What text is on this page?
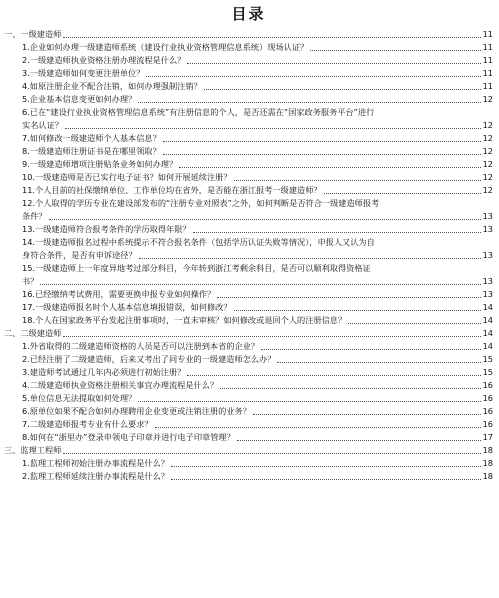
目录
一、一级建造师	11
1.企业如何办理一级建造师系统（建设行业执业资格管理信息系统）现场认证？	11
2.一级建造师执业资格注册办理流程是什么？	11
3.一级建造师如何变更注册单位？	11
4.如原注册企业不配合注销，如何办理强制注销？	11
5.企业基本信息变更如何办理？	12
6.已在“建设行业执业资格管理信息系统”有注册信息的个人，是否还需在“国家政务服务平台”进行
实名认证？	12
7.如何修改一级建造师个人基本信息？	12
8.一级建造师注册证书是在哪里领取？	12
9.一级建造师增项注册贴条业务如何办理？	12
10.一级建造师是否已实行电子证书？如何开展延续注册？	12
11.个人目前的社保缴纳单位、工作单位均在省外，是否能在浙江报考一级建造师？	12
12.个人取得的学历专业在建设部发布的“注册专业对照表”之外，如何判断是否符合一级建造师报考
条件？	13
13.一级建造师符合报考条件的学历取得年限？	13
14.一级建造师报名过程中系统提示不符合报名条件（包括学历认证失败等情况），申报人又认为自
身符合条件，是否有申诉途径？	13
15.一级建造师上一年度异地考过部分科目，今年转到浙江考剩余科目，是否可以顺利取得资格证
书？	13
16.已经缴纳考试费用，需要更换申报专业如何操作？	13
17.一级建造师报名时个人基本信息填报错误，如何修改？	14
18.个人在国家政务平台发起注册事项时，一直未审核？如何修改或退回个人的注册信息？	14
二、二级建造师	14
1.外省取得的二级建造师资格的人员是否可以注册到本省的企业？	14
2.已经注册了二级建造师，后来又考出了同专业的一级建造师怎么办？	15
3.建造师考试通过几年内必须进行初始注册？	15
4.二级建造师执业资格注册相关事宜办理流程是什么？	16
5.单位信息无法提取如何处理？	16
6.原单位如果不配合如何办理聘用企业变更或注销注册的业务？	16
7.二级建造师报考专业有什么要求？	16
8.如何在“浙里办”登录申领电子印章并进行电子印章管理？	17
三、监理工程师	18
1.监理工程师初始注册办事流程是什么？	18
2.监理工程师延续注册办事流程是什么？	18
